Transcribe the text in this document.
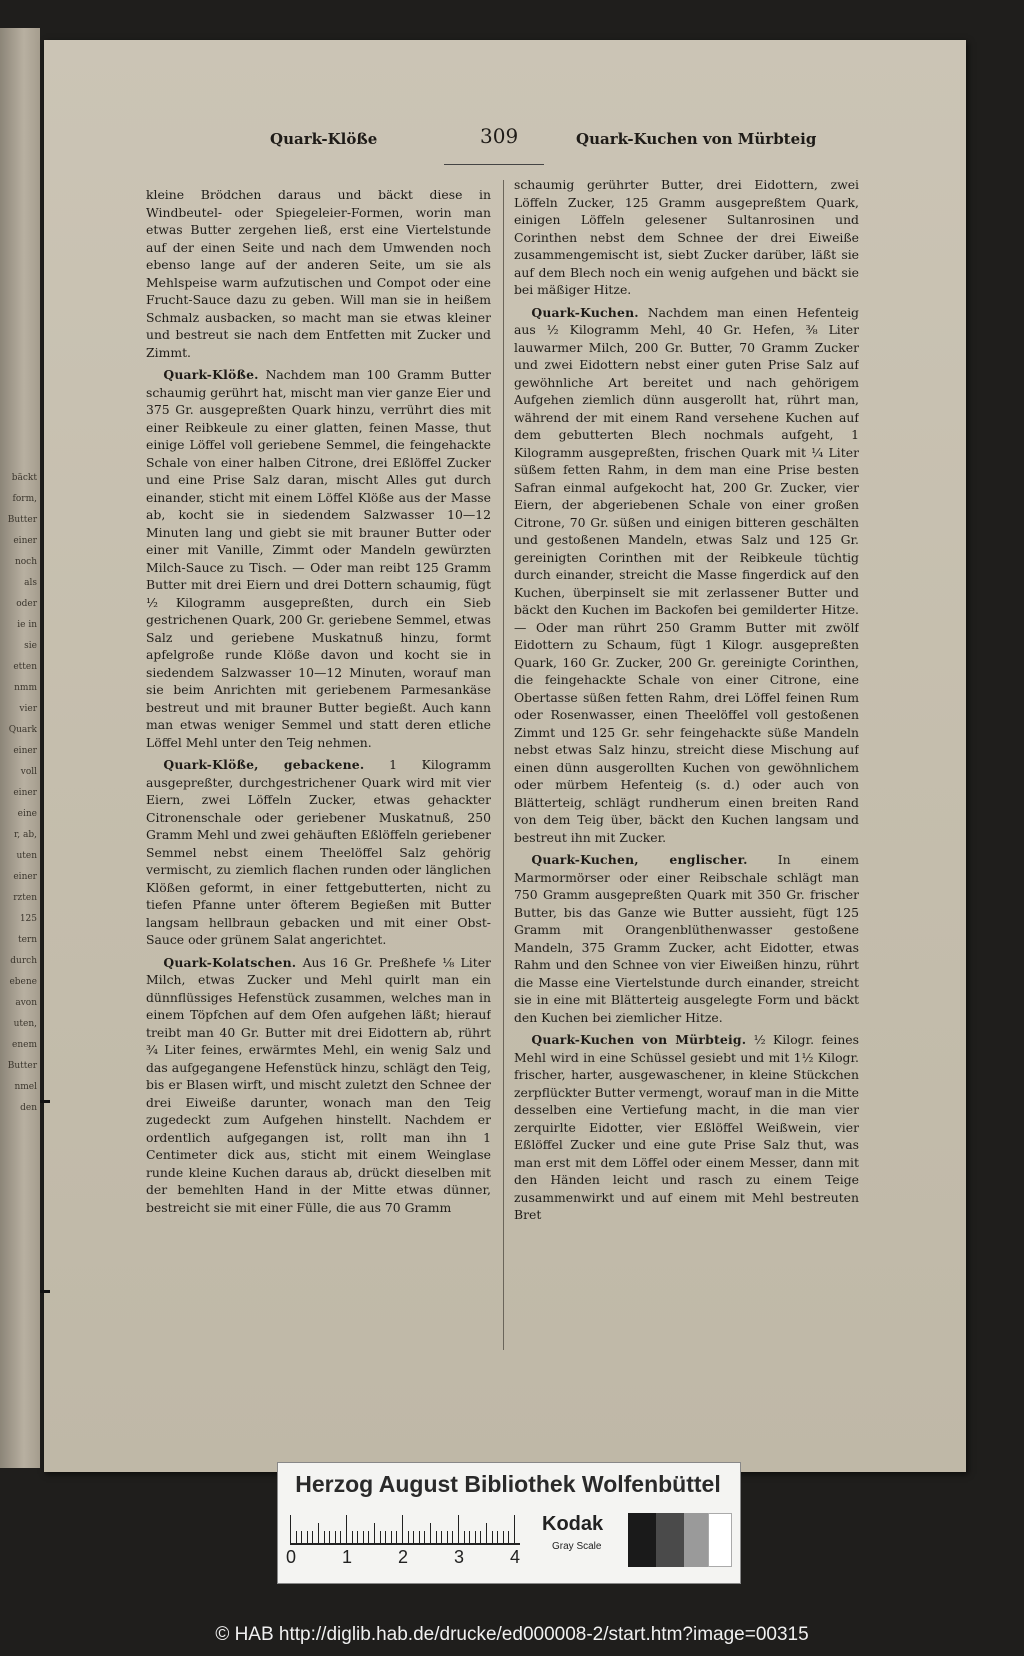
bäckt
form,
Butter
einer
noch
als
oder
ie in
sie
etten
nmm
vier
Quark
einer
voll
einer
eine
r, ab,
uten
einer
rzten
125
tern
durch
ebene
avon
uten,
enem
Butter
nmel
den
Quark-Klöße	309	Quark-Kuchen von Mürbteig

kleine Brödchen daraus und bäckt diese in Windbeutel- oder Spiegeleier-Formen, worin man etwas Butter zergehen ließ, erst eine Viertelstunde auf der einen Seite und nach dem Umwenden noch ebenso lange auf der anderen Seite, um sie als Mehlspeise warm aufzutischen und Compot oder eine Frucht-Sauce dazu zu geben. Will man sie in heißem Schmalz ausbacken, so macht man sie etwas kleiner und bestreut sie nach dem Entfetten mit Zucker und Zimmt.

Quark-Klöße. Nachdem man 100 Gramm Butter schaumig gerührt hat, mischt man vier ganze Eier und 375 Gr. ausgepreßten Quark hinzu, verrührt dies mit einer Reibkeule zu einer glatten, feinen Masse, thut einige Löffel voll geriebene Semmel, die feingehackte Schale von einer halben Citrone, drei Eßlöffel Zucker und eine Prise Salz daran, mischt Alles gut durch einander, sticht mit einem Löffel Klöße aus der Masse ab, kocht sie in siedendem Salzwasser 10—12 Minuten lang und giebt sie mit brauner Butter oder einer mit Vanille, Zimmt oder Mandeln gewürzten Milch-Sauce zu Tisch. — Oder man reibt 125 Gramm Butter mit drei Eiern und drei Dottern schaumig, fügt ½ Kilogramm ausgepreßten, durch ein Sieb gestrichenen Quark, 200 Gr. geriebene Semmel, etwas Salz und geriebene Muskatnuß hinzu, formt apfelgroße runde Klöße davon und kocht sie in siedendem Salzwasser 10—12 Minuten, worauf man sie beim Anrichten mit geriebenem Parmesankäse bestreut und mit brauner Butter begießt. Auch kann man etwas weniger Semmel und statt deren etliche Löffel Mehl unter den Teig nehmen.

Quark-Klöße, gebackene. 1 Kilogramm ausgepreßter, durchgestrichener Quark wird mit vier Eiern, zwei Löffeln Zucker, etwas gehackter Citronenschale oder geriebener Muskatnuß, 250 Gramm Mehl und zwei gehäuften Eßlöffeln geriebener Semmel nebst einem Theelöffel Salz gehörig vermischt, zu ziemlich flachen runden oder länglichen Klößen geformt, in einer fettgebutterten, nicht zu tiefen Pfanne unter öfterem Begießen mit Butter langsam hellbraun gebacken und mit einer Obst-Sauce oder grünem Salat angerichtet.

Quark-Kolatschen. Aus 16 Gr. Preßhefe ⅛ Liter Milch, etwas Zucker und Mehl quirlt man ein dünnflüssiges Hefenstück zusammen, welches man in einem Töpfchen auf dem Ofen aufgehen läßt; hierauf treibt man 40 Gr. Butter mit drei Eidottern ab, rührt ¾ Liter feines, erwärmtes Mehl, ein wenig Salz und das aufgegangene Hefenstück hinzu, schlägt den Teig, bis er Blasen wirft, und mischt zuletzt den Schnee der drei Eiweiße darunter, wonach man den Teig zugedeckt zum Aufgehen hinstellt. Nachdem er ordentlich aufgegangen ist, rollt man ihn 1 Centimeter dick aus, sticht mit einem Weinglase runde kleine Kuchen daraus ab, drückt dieselben mit der bemehlten Hand in der Mitte etwas dünner, bestreicht sie mit einer Fülle, die aus 70 Gramm

schaumig gerührter Butter, drei Eidottern, zwei Löffeln Zucker, 125 Gramm ausgepreßtem Quark, einigen Löffeln gelesener Sultanrosinen und Corinthen nebst dem Schnee der drei Eiweiße zusammengemischt ist, siebt Zucker darüber, läßt sie auf dem Blech noch ein wenig aufgehen und bäckt sie bei mäßiger Hitze.

Quark-Kuchen. Nachdem man einen Hefenteig aus ½ Kilogramm Mehl, 40 Gr. Hefen, ⅜ Liter lauwarmer Milch, 200 Gr. Butter, 70 Gramm Zucker und zwei Eidottern nebst einer guten Prise Salz auf gewöhnliche Art bereitet und nach gehörigem Aufgehen ziemlich dünn ausgerollt hat, rührt man, während der mit einem Rand versehene Kuchen auf dem gebutterten Blech nochmals aufgeht, 1 Kilogramm ausgepreßten, frischen Quark mit ¼ Liter süßem fetten Rahm, in dem man eine Prise besten Safran einmal aufgekocht hat, 200 Gr. Zucker, vier Eiern, der abgeriebenen Schale von einer großen Citrone, 70 Gr. süßen und einigen bitteren geschälten und gestoßenen Mandeln, etwas Salz und 125 Gr. gereinigten Corinthen mit der Reibkeule tüchtig durch einander, streicht die Masse fingerdick auf den Kuchen, überpinselt sie mit zerlassener Butter und bäckt den Kuchen im Backofen bei gemilderter Hitze. — Oder man rührt 250 Gramm Butter mit zwölf Eidottern zu Schaum, fügt 1 Kilogr. ausgepreßten Quark, 160 Gr. Zucker, 200 Gr. gereinigte Corinthen, die feingehackte Schale von einer Citrone, eine Obertasse süßen fetten Rahm, drei Löffel feinen Rum oder Rosenwasser, einen Theelöffel voll gestoßenen Zimmt und 125 Gr. sehr feingehackte süße Mandeln nebst etwas Salz hinzu, streicht diese Mischung auf einen dünn ausgerollten Kuchen von gewöhnlichem oder mürbem Hefenteig (s. d.) oder auch von Blätterteig, schlägt rundherum einen breiten Rand von dem Teig über, bäckt den Kuchen langsam und bestreut ihn mit Zucker.

Quark-Kuchen, englischer. In einem Marmormörser oder einer Reibschale schlägt man 750 Gramm ausgepreßten Quark mit 350 Gr. frischer Butter, bis das Ganze wie Butter aussieht, fügt 125 Gramm mit Orangenblüthenwasser gestoßene Mandeln, 375 Gramm Zucker, acht Eidotter, etwas Rahm und den Schnee von vier Eiweißen hinzu, rührt die Masse eine Viertelstunde durch einander, streicht sie in eine mit Blätterteig ausgelegte Form und bäckt den Kuchen bei ziemlicher Hitze.

Quark-Kuchen von Mürbteig. ½ Kilogr. feines Mehl wird in eine Schüssel gesiebt und mit 1½ Kilogr. frischer, harter, ausgewaschener, in kleine Stückchen zerpflückter Butter vermengt, worauf man in die Mitte desselben eine Vertiefung macht, in die man vier zerquirlte Eidotter, vier Eßlöffel Weißwein, vier Eßlöffel Zucker und eine gute Prise Salz thut, was man erst mit dem Löffel oder einem Messer, dann mit den Händen leicht und rasch zu einem Teige zusammenwirkt und auf einem mit Mehl bestreuten Bret

Herzog August Bibliothek Wolfenbüttel
0	1	2	3	4
Kodak
Gray Scale
© HAB http://diglib.hab.de/drucke/ed000008-2/start.htm?image=00315
